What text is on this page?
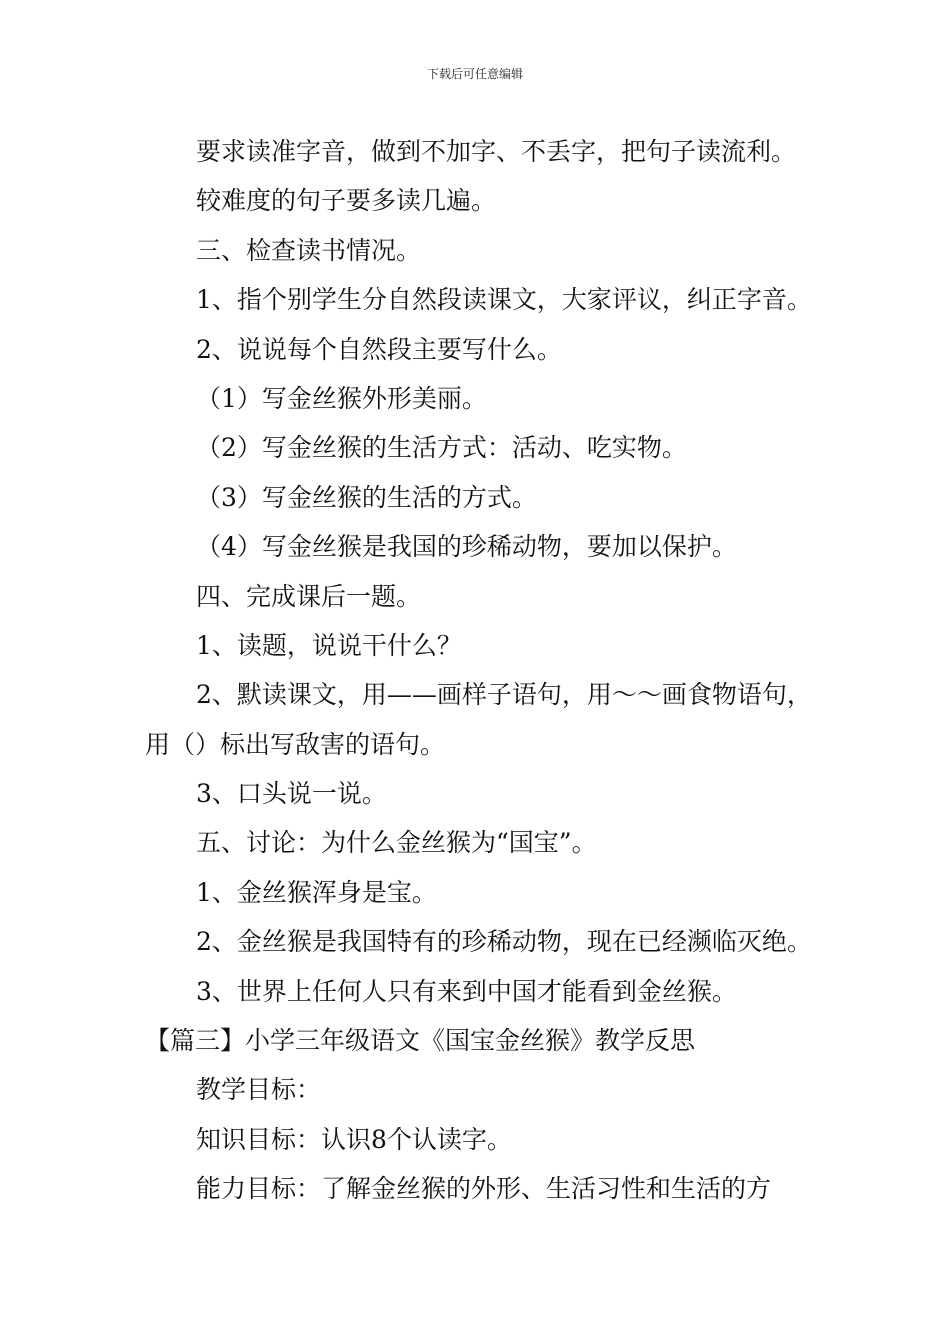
下载后可任意编辑
要求读准字音，做到不加字、不丢字，把句子读流利。
较难度的句子要多读几遍。
三、检查读书情况。
1、指个别学生分自然段读课文，大家评议，纠正字音。
2、说说每个自然段主要写什么。
（1）写金丝猴外形美丽。
（2）写金丝猴的生活方式：活动、吃实物。
（3）写金丝猴的生活的方式。
（4）写金丝猴是我国的珍稀动物，要加以保护。
四、完成课后一题。
1、读题，说说干什么？
2、默读课文，用——画样子语句，用～～画食物语句，
用（）标出写敌害的语句。
3、口头说一说。
五、讨论：为什么金丝猴为“国宝”。
1、金丝猴浑身是宝。
2、金丝猴是我国特有的珍稀动物，现在已经濒临灭绝。
3、世界上任何人只有来到中国才能看到金丝猴。
【篇三】小学三年级语文《国宝金丝猴》教学反思
教学目标：
知识目标：认识8个认读字。
能力目标：了解金丝猴的外形、生活习性和生活的方
